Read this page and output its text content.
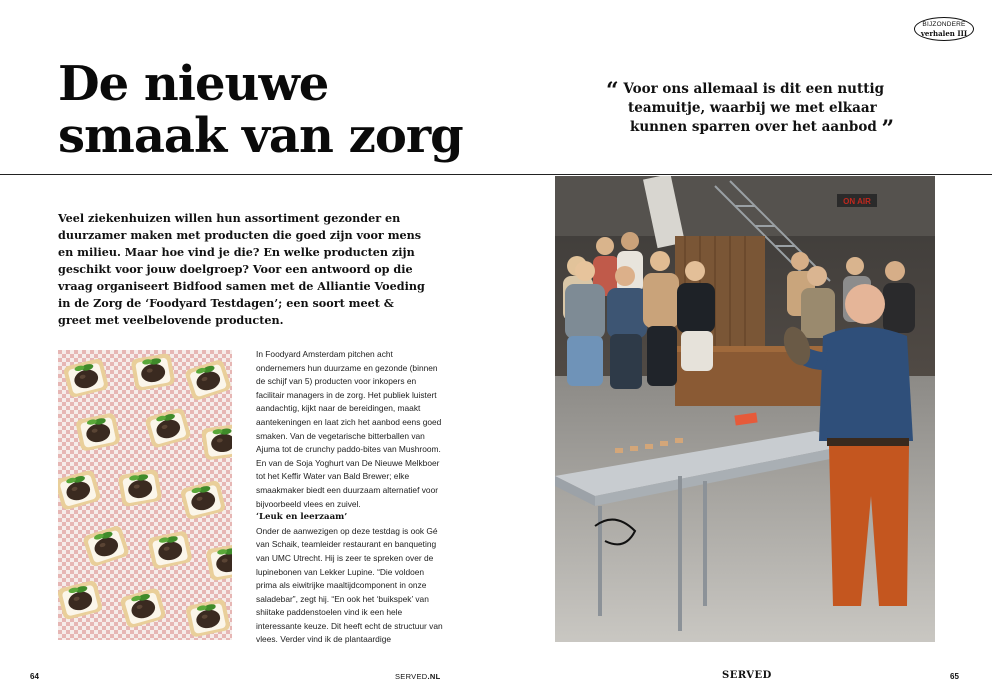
BIJZONDERE
verhalen III
De nieuwe
smaak van zorg
“ Voor ons allemaal is dit een nuttig
teamuitje, waarbij we met elkaar
kunnen sparren over het aanbod ”
Veel ziekenhuizen willen hun assortiment gezonder en duurzamer maken met producten die goed zijn voor mens en milieu. Maar hoe vind je die? En welke producten zijn geschikt voor jouw doelgroep? Voor een antwoord op die vraag organiseert Bidfood samen met de Alliantie Voeding in de Zorg de ‘Foodyard Testdagen’; een soort meet & greet met veelbelovende producten.

In Foodyard Amsterdam pitchen acht ondernemers hun duurzame en gezonde (binnen de schijf van 5) producten voor inkopers en facilitair managers in de zorg. Het publiek luistert aandachtig, kijkt naar de bereidingen, maakt aantekeningen en laat zich het aanbod eens goed smaken. Van de vegetarische bitterballen van Ajuma tot de crunchy paddo-bites van Mushroom. En van de Soja Yoghurt van De Nieuwe Melkboer tot het Keffir Water van Bald Brewer; elke smaakmaker biedt een duurzaam alternatief voor bijvoorbeeld vlees en zuivel.

‘Leuk en leerzaam’

Onder de aanwezigen op deze testdag is ook Gé van Schaik, teamleider restaurant en banqueting van UMC Utrecht. Hij is zeer te spreken over de lupinebonen van Lekker Lupine. “Die voldoen prima als eiwitrijke maaltijdcomponent in onze saladebar”, zegt hij. “En ook het ‘buikspek’ van shiitake paddenstoelen vind ik een hele interessante keuze. Dit heeft echt de structuur van vlees. Verder vind ik de plantaardige

ON AIR
64	SERVED.NL	SERVED	65
